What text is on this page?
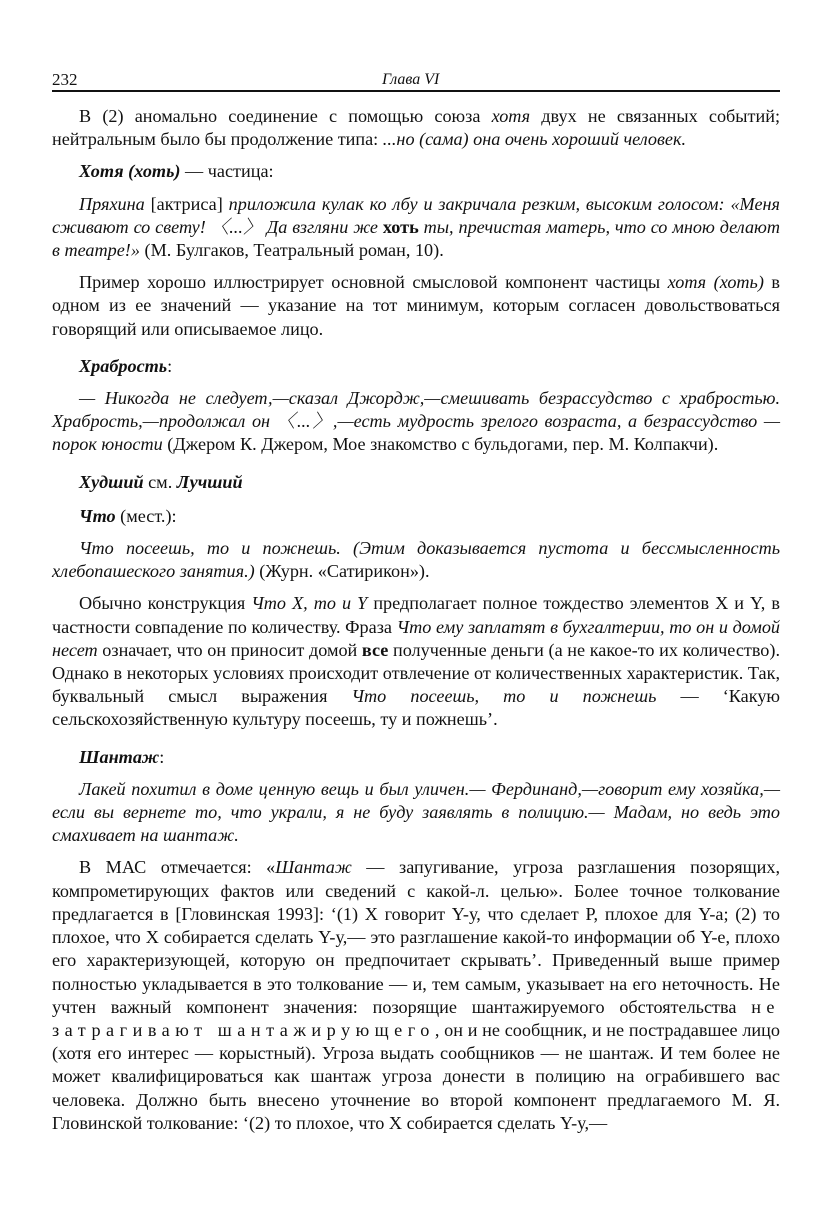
232	Глава VI

В (2) аномально соединение с помощью союза хотя двух не связанных событий; нейтральным было бы продолжение типа: ...но (сама) она очень хороший человек.

Хотя (хоть) — частица:

Пряхина [актриса] приложила кулак ко лбу и закричала резким, высоким голосом: «Меня сживают со свету! 〈...〉 Да взгляни же хоть ты, пречистая матерь, что со мною делают в театре!» (М. Булгаков, Театральный роман, 10).

Пример хорошо иллюстрирует основной смысловой компонент частицы хотя (хоть) в одном из ее значений — указание на тот минимум, которым согласен довольствоваться говорящий или описываемое лицо.

Храбрость:

— Никогда не следует,—сказал Джордж,—смешивать безрассудство с храбростью. Храбрость,—продолжал он 〈...〉,—есть мудрость зрелого возраста, а безрассудство — порок юности (Джером К. Джером, Мое знакомство с бульдогами, пер. М. Колпакчи).

Худший см. Лучший

Что (мест.):

Что посеешь, то и пожнешь. (Этим доказывается пустота и бессмысленность хлебопашеского занятия.) (Журн. «Сатирикон»).

Обычно конструкция Что X, то и Y предполагает полное тождество элементов X и Y, в частности совпадение по количеству. Фраза Что ему заплатят в бухгалтерии, то он и домой несет означает, что он приносит домой все полученные деньги (а не какое-то их количество). Однако в некоторых условиях происходит отвлечение от количественных характеристик. Так, буквальный смысл выражения Что посеешь, то и пожнешь — ‘Какую сельскохозяйственную культуру посеешь, ту и пожнешь’.

Шантаж:

Лакей похитил в доме ценную вещь и был уличен.— Фердинанд,—говорит ему хозяйка,—если вы вернете то, что украли, я не буду заявлять в полицию.— Мадам, но ведь это смахивает на шантаж.

В МАС отмечается: «Шантаж — запугивание, угроза разглашения позорящих, компрометирующих фактов или сведений с какой-л. целью». Более точное толкование предлагается в [Гловинская 1993]: ‘(1) X говорит Y-у, что сделает P, плохое для Y-а; (2) то плохое, что X собирается сделать Y-у,— это разглашение какой-то информации об Y-е, плохо его характеризующей, которую он предпочитает скрывать’. Приведенный выше пример полностью укладывается в это толкование — и, тем самым, указывает на его неточность. Не учтен важный компонент значения: позорящие шантажируемого обстоятельства не затрагивают шантажирующего, он и не сообщник, и не пострадавшее лицо (хотя его интерес — корыстный). Угроза выдать сообщников — не шантаж. И тем более не может квалифицироваться как шантаж угроза донести в полицию на ограбившего вас человека. Должно быть внесено уточнение во второй компонент предлагаемого М. Я. Гловинской толкование: ‘(2) то плохое, что X собирается сделать Y-у,—
